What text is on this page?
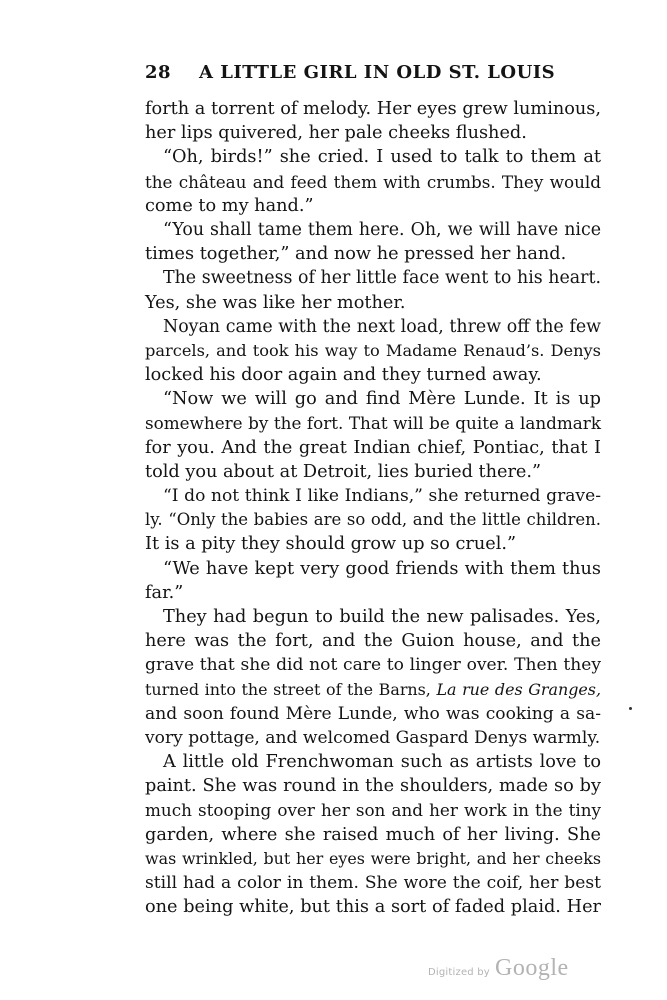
28 A LITTLE GIRL IN OLD ST. LOUIS
forth a torrent of melody. Her eyes grew luminous,
her lips quivered, her pale cheeks flushed.
“Oh, birds!” she cried. I used to talk to them at
the château and feed them with crumbs. They would
come to my hand.”
“You shall tame them here. Oh, we will have nice
times together,” and now he pressed her hand.
The sweetness of her little face went to his heart.
Yes, she was like her mother.
Noyan came with the next load, threw off the few
parcels, and took his way to Madame Renaud’s. Denys
locked his door again and they turned away.
“Now we will go and find Mère Lunde. It is up
somewhere by the fort. That will be quite a landmark
for you. And the great Indian chief, Pontiac, that I
told you about at Detroit, lies buried there.”
“I do not think I like Indians,” she returned grave-
ly. “Only the babies are so odd, and the little children.
It is a pity they should grow up so cruel.”
“We have kept very good friends with them thus
far.”
They had begun to build the new palisades. Yes,
here was the fort, and the Guion house, and the
grave that she did not care to linger over. Then they
turned into the street of the Barns, La rue des Granges,
and soon found Mère Lunde, who was cooking a sa-
vory pottage, and welcomed Gaspard Denys warmly.
A little old Frenchwoman such as artists love to
paint. She was round in the shoulders, made so by
much stooping over her son and her work in the tiny
garden, where she raised much of her living. She
was wrinkled, but her eyes were bright, and her cheeks
still had a color in them. She wore the coif, her best
one being white, but this a sort of faded plaid. Her
Digitized by Google
